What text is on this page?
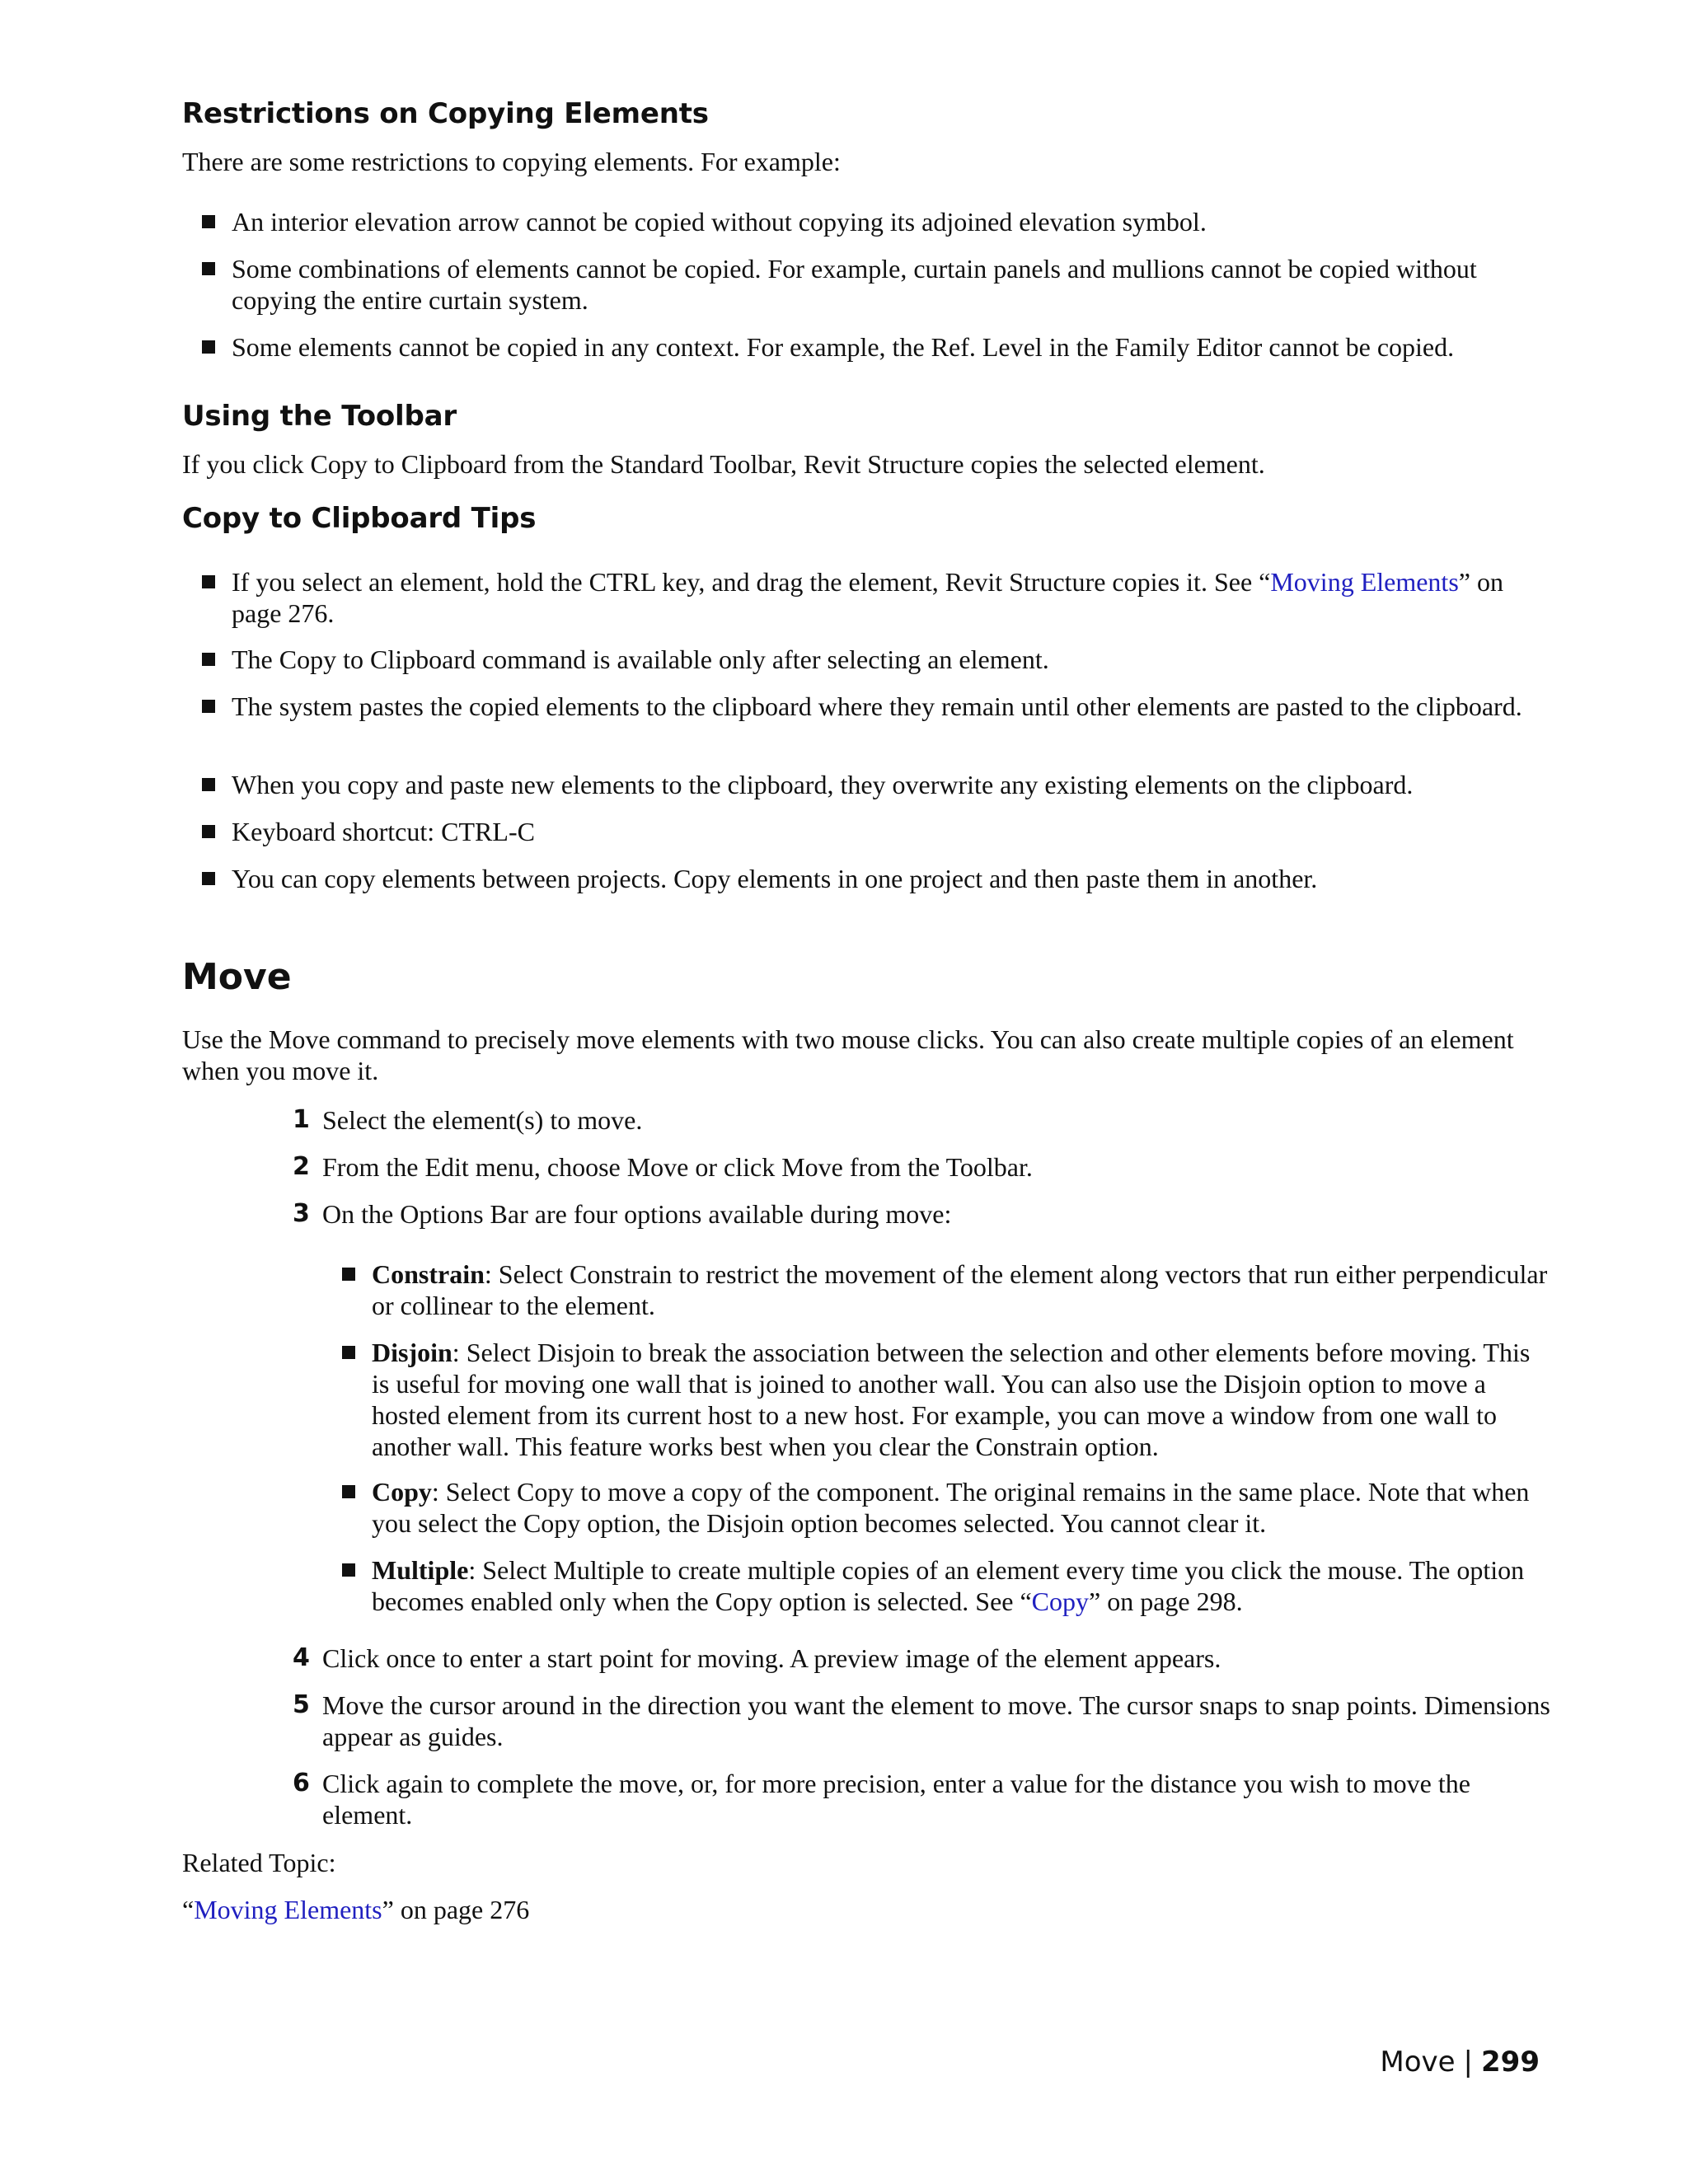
Restrictions on Copying Elements

There are some restrictions to copying elements. For example:

An interior elevation arrow cannot be copied without copying its adjoined elevation symbol.
Some combinations of elements cannot be copied. For example, curtain panels and mullions cannot be copied without copying the entire curtain system.
Some elements cannot be copied in any context. For example, the Ref. Level in the Family Editor cannot be copied.
Using the Toolbar

If you click Copy to Clipboard from the Standard Toolbar, Revit Structure copies the selected element.

Copy to Clipboard Tips
If you select an element, hold the CTRL key, and drag the element, Revit Structure copies it. See “Moving Elements” on page 276.
The Copy to Clipboard command is available only after selecting an element.
The system pastes the copied elements to the clipboard where they remain until other elements are pasted to the clipboard.
When you copy and paste new elements to the clipboard, they overwrite any existing elements on the clipboard.
Keyboard shortcut: CTRL-C
You can copy elements between projects. Copy elements in one project and then paste them in another.
Move

Use the Move command to precisely move elements with two mouse clicks. You can also create multiple copies of an element when you move it.

1 Select the element(s) to move.
2 From the Edit menu, choose Move or click Move from the Toolbar.
3 On the Options Bar are four options available during move:
Constrain: Select Constrain to restrict the movement of the element along vectors that run either perpendicular or collinear to the element.
Disjoin: Select Disjoin to break the association between the selection and other elements before moving. This is useful for moving one wall that is joined to another wall. You can also use the Disjoin option to move a hosted element from its current host to a new host. For example, you can move a window from one wall to another wall. This feature works best when you clear the Constrain option.
Copy: Select Copy to move a copy of the component. The original remains in the same place. Note that when you select the Copy option, the Disjoin option becomes selected. You cannot clear it.
Multiple: Select Multiple to create multiple copies of an element every time you click the mouse. The option becomes enabled only when the Copy option is selected. See “Copy” on page 298.
4 Click once to enter a start point for moving. A preview image of the element appears.
5 Move the cursor around in the direction you want the element to move. The cursor snaps to snap points. Dimensions appear as guides.
6 Click again to complete the move, or, for more precision, enter a value for the distance you wish to move the element.

Related Topic:

“Moving Elements” on page 276

Move | 299
